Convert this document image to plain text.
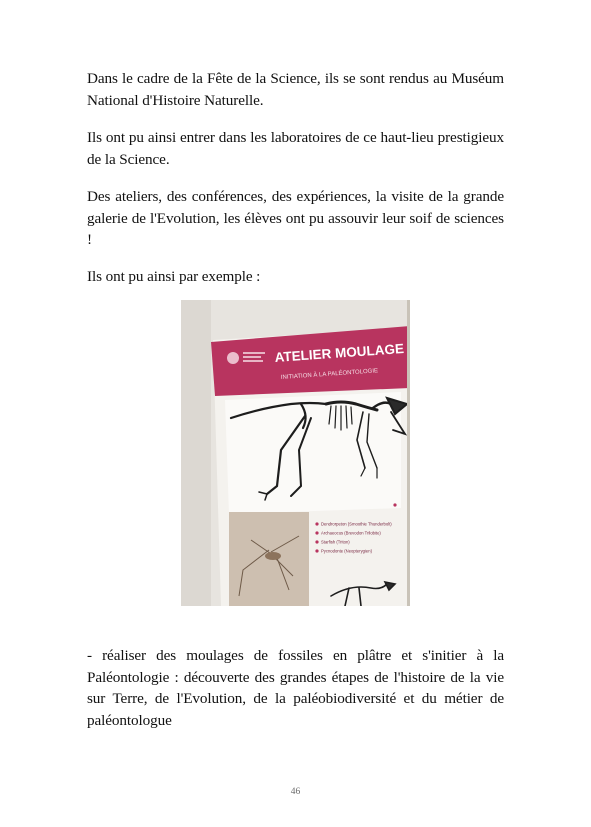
Dans le cadre de la Fête de la Science, ils se sont rendus au Muséum National d'Histoire Naturelle.

Ils ont pu ainsi entrer dans les laboratoires de ce haut-lieu prestigieux de la Science.

Des ateliers, des conférences, des expériences, la visite de la grande galerie de l'Evolution, les élèves ont pu assouvir leur soif de sciences !

Ils ont pu ainsi par exemple :

ATELIER MOULAGE
INITIATION À LA PALÉONTOLOGIE
Dendrorpeton (Smoothie Thunderbolt)
Archaeocus (Brevodon Trilobite)
Starfish (Triton)
Pycnodonte (Neopterygien)

- réaliser des moulages de fossiles en plâtre et s'initier à la Paléontologie : découverte des grandes étapes de l'histoire de la vie sur Terre, de l'Evolution, de la paléobiodiversité et du métier de paléontologue

46
